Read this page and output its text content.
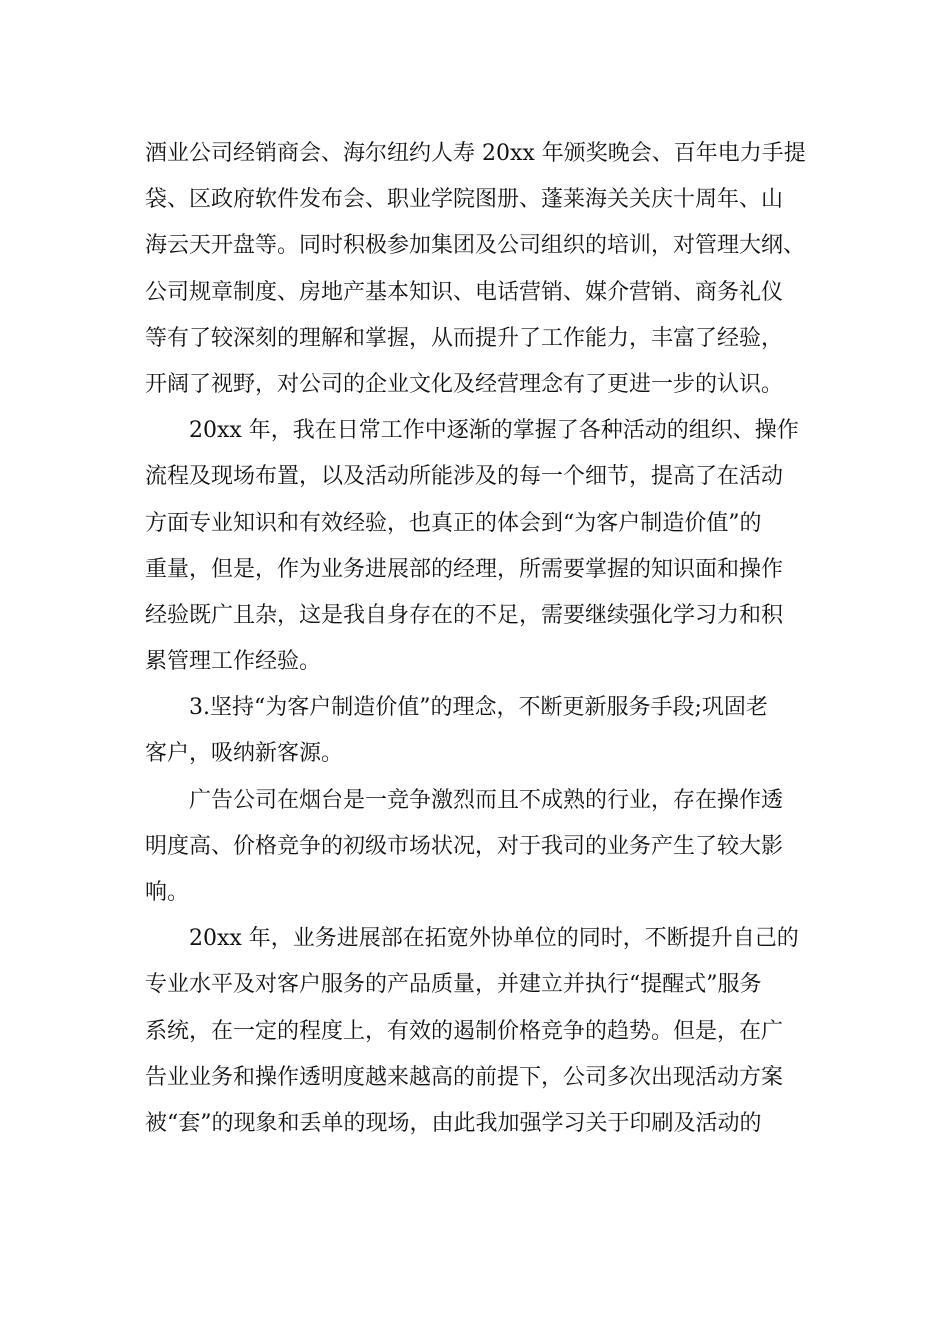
酒业公司经销商会、海尔纽约人寿 20xx 年颁奖晚会、百年电力手提
袋、区政府软件发布会、职业学院图册、蓬莱海关关庆十周年、山
海云天开盘等。同时积极参加集团及公司组织的培训，对管理大纲、
公司规章制度、房地产基本知识、电话营销、媒介营销、商务礼仪
等有了较深刻的理解和掌握，从而提升了工作能力，丰富了经验，
开阔了视野，对公司的企业文化及经营理念有了更进一步的认识。
20xx 年，我在日常工作中逐渐的掌握了各种活动的组织、操作
流程及现场布置，以及活动所能涉及的每一个细节，提高了在活动
方面专业知识和有效经验，也真正的体会到“为客户制造价值”的
重量，但是，作为业务进展部的经理，所需要掌握的知识面和操作
经验既广且杂，这是我自身存在的不足，需要继续强化学习力和积
累管理工作经验。
3.坚持“为客户制造价值”的理念，不断更新服务手段;巩固老
客户，吸纳新客源。
广告公司在烟台是一竞争激烈而且不成熟的行业，存在操作透
明度高、价格竞争的初级市场状况，对于我司的业务产生了较大影
响。
20xx 年，业务进展部在拓宽外协单位的同时，不断提升自己的
专业水平及对客户服务的产品质量，并建立并执行“提醒式”服务
系统，在一定的程度上，有效的遏制价格竞争的趋势。但是，在广
告业业务和操作透明度越来越高的前提下，公司多次出现活动方案
被“套”的现象和丢单的现场，由此我加强学习关于印刷及活动的
